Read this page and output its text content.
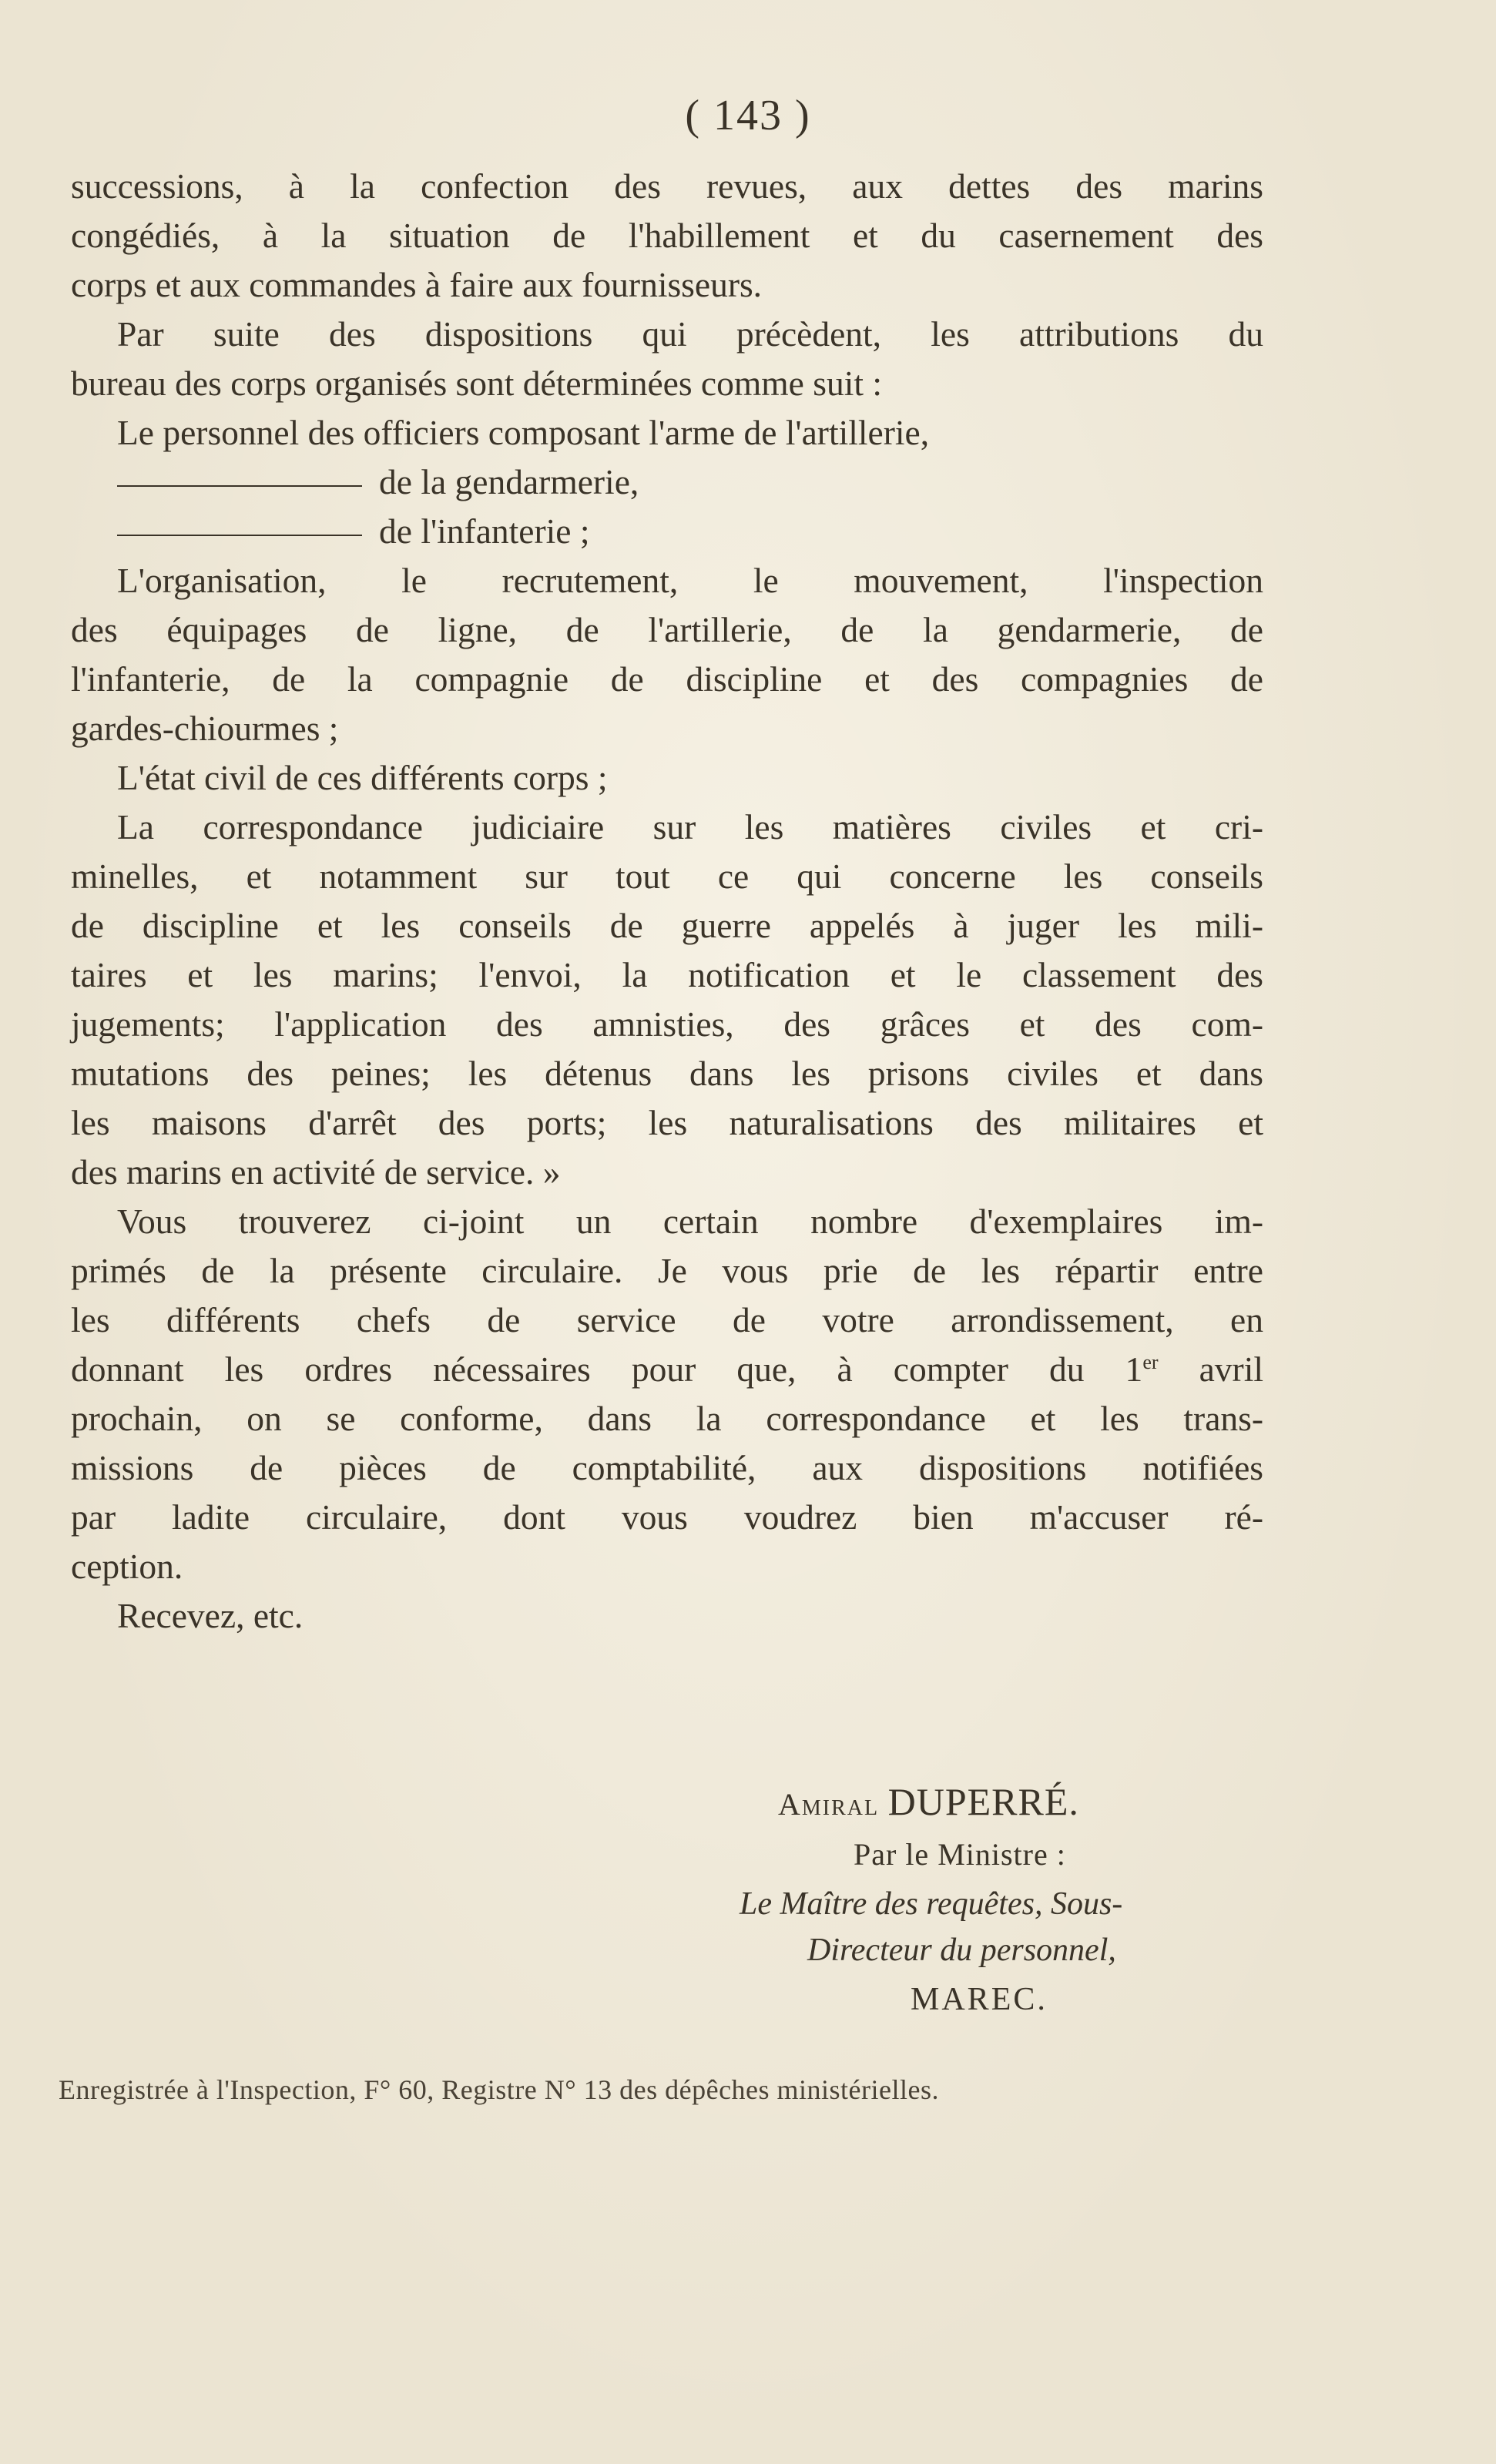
( 143 )
successions, à la confection des revues, aux dettes des marins
congédiés, à la situation de l'habillement et du casernement des
corps et aux commandes à faire aux fournisseurs.
Par suite des dispositions qui précèdent, les attributions du
bureau des corps organisés sont déterminées comme suit :
Le personnel des officiers composant l'arme de l'artillerie,
de la gendarmerie,
de l'infanterie ;
L'organisation, le recrutement, le mouvement, l'inspection
des équipages de ligne, de l'artillerie, de la gendarmerie, de
l'infanterie, de la compagnie de discipline et des compagnies de
gardes-chiourmes ;
L'état civil de ces différents corps ;
La correspondance judiciaire sur les matières civiles et cri-
minelles, et notamment sur tout ce qui concerne les conseils
de discipline et les conseils de guerre appelés à juger les mili-
taires et les marins; l'envoi, la notification et le classement des
jugements; l'application des amnisties, des grâces et des com-
mutations des peines; les détenus dans les prisons civiles et dans
les maisons d'arrêt des ports; les naturalisations des militaires et
des marins en activité de service. »
Vous trouverez ci-joint un certain nombre d'exemplaires im-
primés de la présente circulaire. Je vous prie de les répartir entre
les différents chefs de service de votre arrondissement, en
donnant les ordres nécessaires pour que, à compter du 1er avril
prochain, on se conforme, dans la correspondance et les trans-
missions de pièces de comptabilité, aux dispositions notifiées
par ladite circulaire, dont vous voudrez bien m'accuser ré-
ception.
Recevez, etc.
Amiral DUPERRÉ.
Par le Ministre :
Le Maître des requêtes, Sous-
Directeur du personnel,
MAREC.
Enregistrée à l'Inspection, F° 60, Registre N° 13 des dépêches ministérielles.
